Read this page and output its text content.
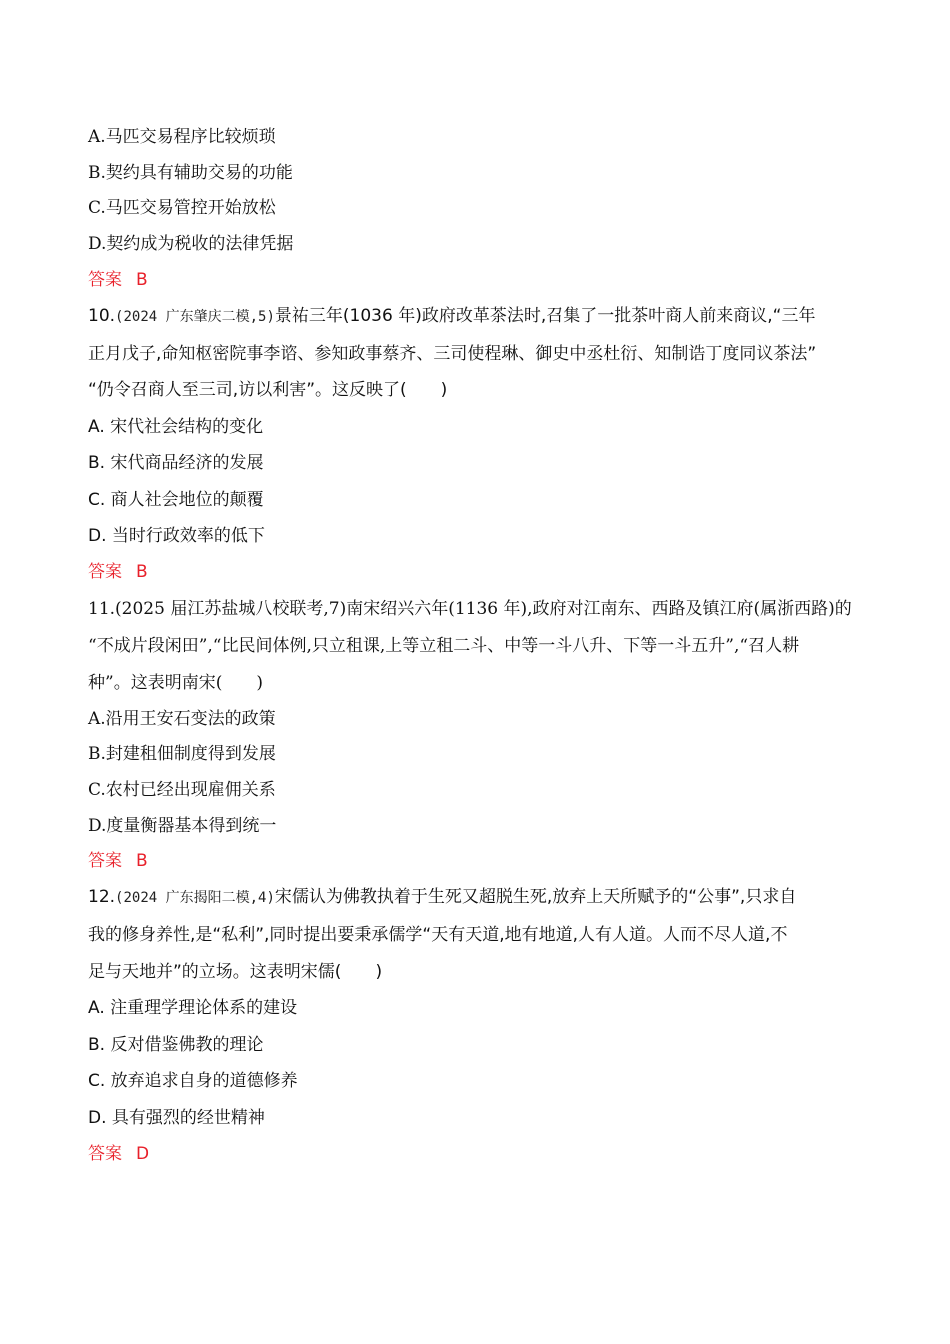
A.马匹交易程序比较烦琐
B.契约具有辅助交易的功能
C.马匹交易管控开始放松
D.契约成为税收的法律凭据
答案 B
10.(2024 广东肇庆二模,5)景祐三年(1036 年)政府改革茶法时,召集了一批茶叶商人前来商议,“三年
正月戊子,命知枢密院事李谘、参知政事蔡齐、三司使程琳、御史中丞杜衍、知制诰丁度同议茶法”
“仍令召商人至三司,访以利害”。这反映了(　　)
A. 宋代社会结构的变化
B. 宋代商品经济的发展
C. 商人社会地位的颠覆
D. 当时行政效率的低下
答案 B
11.(2025 届江苏盐城八校联考,7)南宋绍兴六年(1136 年),政府对江南东、西路及镇江府(属浙西路)的
“不成片段闲田”,“比民间体例,只立租课,上等立租二斗、中等一斗八升、下等一斗五升”,“召人耕
种”。这表明南宋(　　)
A.沿用王安石变法的政策
B.封建租佃制度得到发展
C.农村已经出现雇佣关系
D.度量衡器基本得到统一
答案 B
12.(2024 广东揭阳二模,4)宋儒认为佛教执着于生死又超脱生死,放弃上天所赋予的“公事”,只求自
我的修身养性,是“私利”,同时提出要秉承儒学“天有天道,地有地道,人有人道。人而不尽人道,不
足与天地并”的立场。这表明宋儒(　　)
A. 注重理学理论体系的建设
B. 反对借鉴佛教的理论
C. 放弃追求自身的道德修养
D. 具有强烈的经世精神
答案 D
